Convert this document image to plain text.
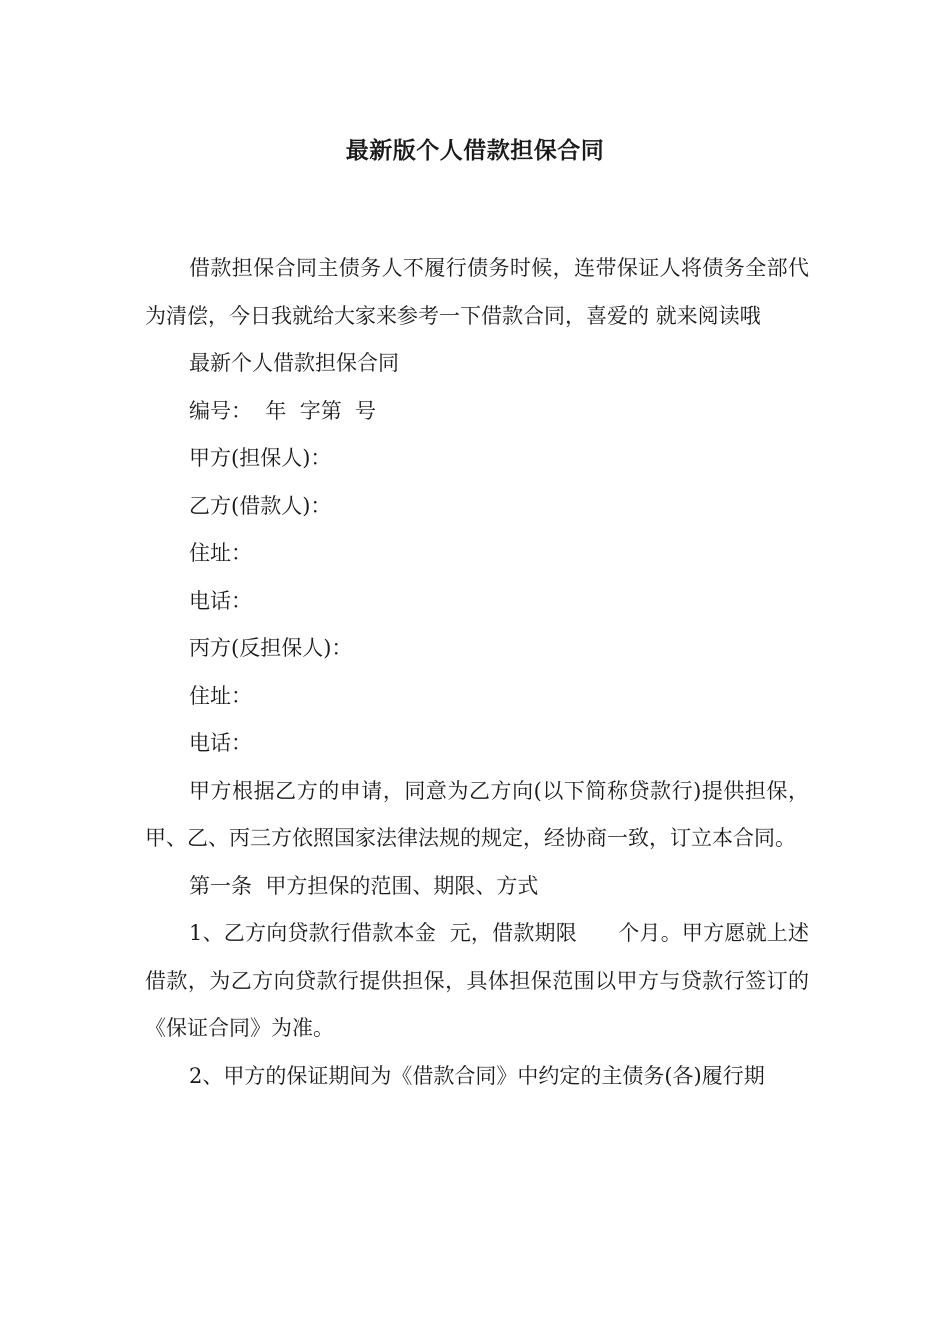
最新版个人借款担保合同

借款担保合同主债务人不履行债务时候，连带保证人将债务全部代为清偿，今日我就给大家来参考一下借款合同，喜爱的 就来阅读哦

最新个人借款担保合同

编号：  年  字第  号

甲方(担保人)：

乙方(借款人)：

住址：

电话：

丙方(反担保人)：

住址：

电话：

甲方根据乙方的申请，同意为乙方向(以下简称贷款行)提供担保，甲、乙、丙三方依照国家法律法规的规定，经协商一致，订立本合同。

第一条  甲方担保的范围、期限、方式

1、乙方向贷款行借款本金  元，借款期限      个月。甲方愿就上述借款，为乙方向贷款行提供担保，具体担保范围以甲方与贷款行签订的《保证合同》为准。

2、甲方的保证期间为《借款合同》中约定的主债务(各)履行期
